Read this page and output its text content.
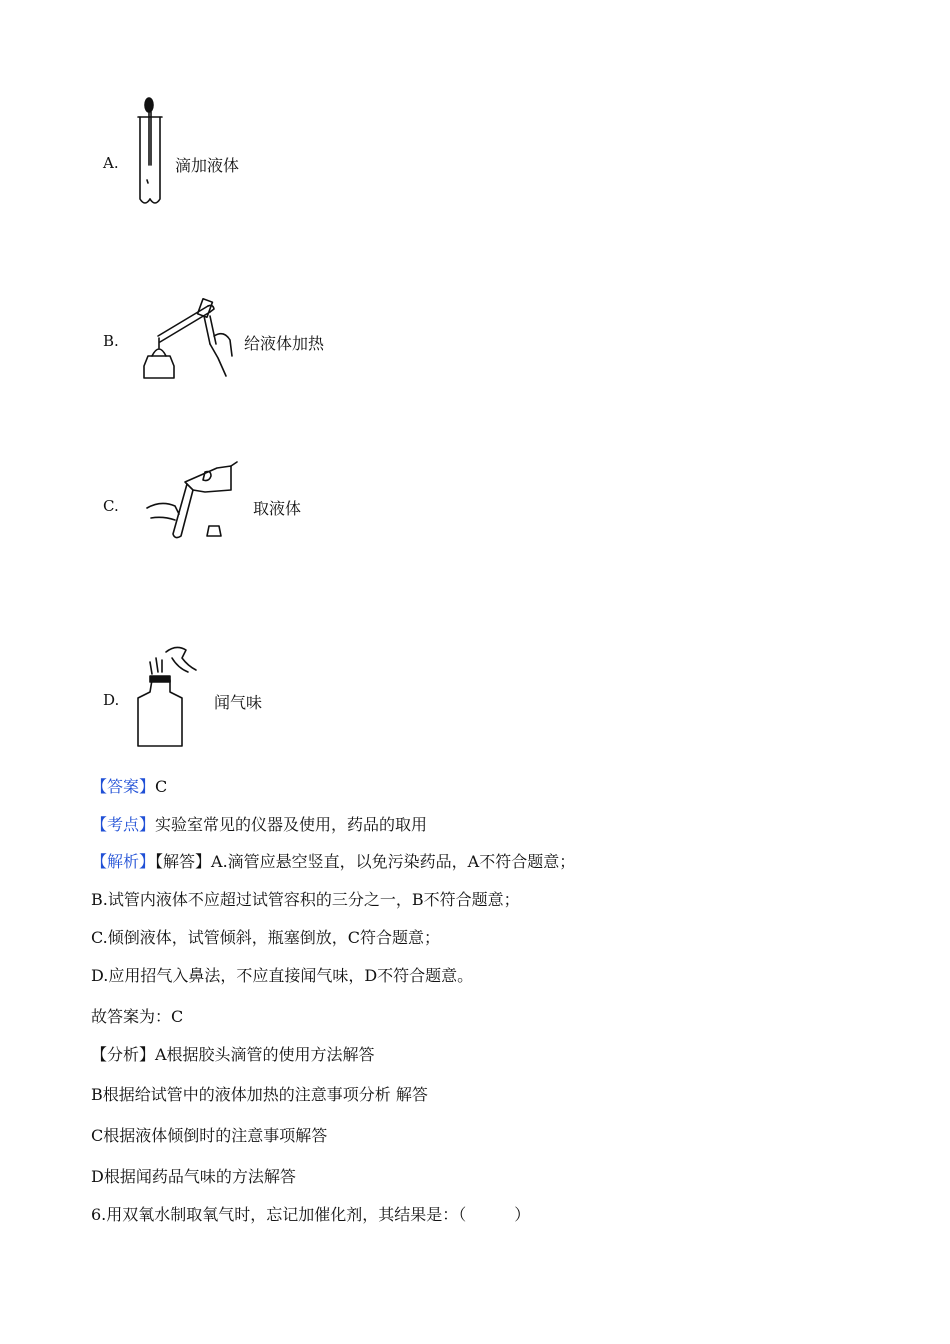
A.	滴加液体
B.	给液体加热
C.	取液体
D.	闻气味
【答案】C
【考点】实验室常见的仪器及使用，药品的取用
【解析】【解答】A.滴管应悬空竖直，以免污染药品，A不符合题意；
B.试管内液体不应超过试管容积的三分之一，B不符合题意；
C.倾倒液体，试管倾斜，瓶塞倒放，C符合题意；
D.应用招气入鼻法，不应直接闻气味，D不符合题意。
故答案为：C
【分析】A根据胶头滴管的使用方法解答
B根据给试管中的液体加热的注意事项分析 解答
C根据液体倾倒时的注意事项解答
D根据闻药品气味的方法解答
6.用双氧水制取氧气时，忘记加催化剂，其结果是：（　　　）
